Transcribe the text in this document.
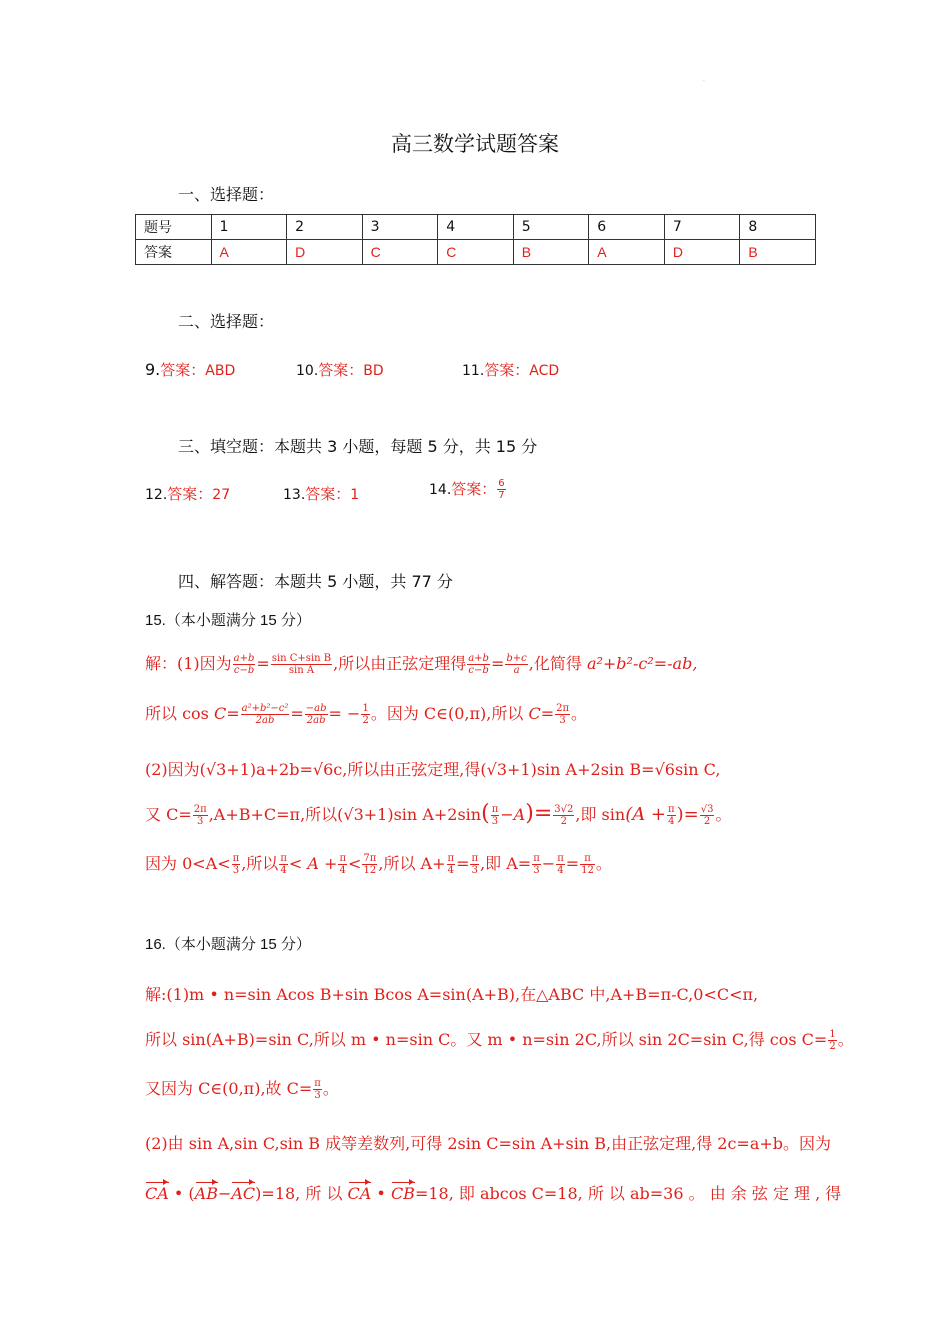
.
高三数学试题答案
一、选择题：
题号	1	2	3	4	5	6	7	8
答案	A	D	C	C	B	A	D	B
二、选择题：
9.答案：ABD	10.答案：BD	11.答案：ACD
三、填空题：本题共 3 小题，每题 5 分，共 15 分
12.答案：27	13.答案：1	14.答案： $\frac{6}{7}$
四、解答题：本题共 5 小题，共 77 分
15.（本小题满分 15 分）
解：(1)因为 $\frac{a+b}{c-b} = \frac{\text{sin C+sin B}}{\text{sin A}}$ ,所以由正弦定理得 $\frac{a+b}{c-b} = \frac{b+c}{a}$ ,化简得 a²+b²-c²=-ab,
所以 $\cos C= \frac{\text{a²+b²−c²}}{2ab} = \frac{-ab}{2ab}$ = − $\frac{1}{2}$ 。因为 C∈(0,π),所以 $C= \frac{2\pi}{3}$ 。
(2)因为(√3+1)a+2b=√6c,所以由正弦定理,得(√3+1)sin A+2sin B=√6sin C,
又 $C= \frac{2\pi}{3} ,A+B+C=\pi$,所以(√3+1)sin $A+2\sin( \frac{\pi}{3} -A)= \frac{3√2}{2}$ ,即 $\sin(A + \frac{\pi}{4}$ )= $\frac{√3}{2}$ 。
因为 $0<A< \frac{\pi}{3}$ ,所以 $\frac{\pi}{4} < A + \frac{\pi}{4} < \frac{7\pi}{12}$ ,所以 $A+ \frac{\pi}{4} = \frac{\pi}{3}$ ,即 $A= \frac{\pi}{3} - \frac{\pi}{4} = \frac{\pi}{12}$ 。
16.（本小题满分 15 分）
解:(1)m • n=sin Acos B+sin Bcos A=sin(A+B),在△ABC 中,A+B=π-C,0<C<π,
所以 sin(A+B)=sin C,所以 m • n=sin C。又 m • n=sin 2C,所以 sin 2C=sin C,得 $\cos C= \frac{1}{2}$ 。
又因为 C∈(0,π),故 $C= \frac{\pi}{3}$ 。
(2)由 sin A,sin C,sin B 成等差数列,可得 2sin C=sin A+sin B,由正弦定理,得 2c=a+b。因为
CA • (AB−AC)=18, 所 以 CA • CB=18, 即 abcos C=18, 所 以 ab=36 。 由 余 弦 定 理 , 得
